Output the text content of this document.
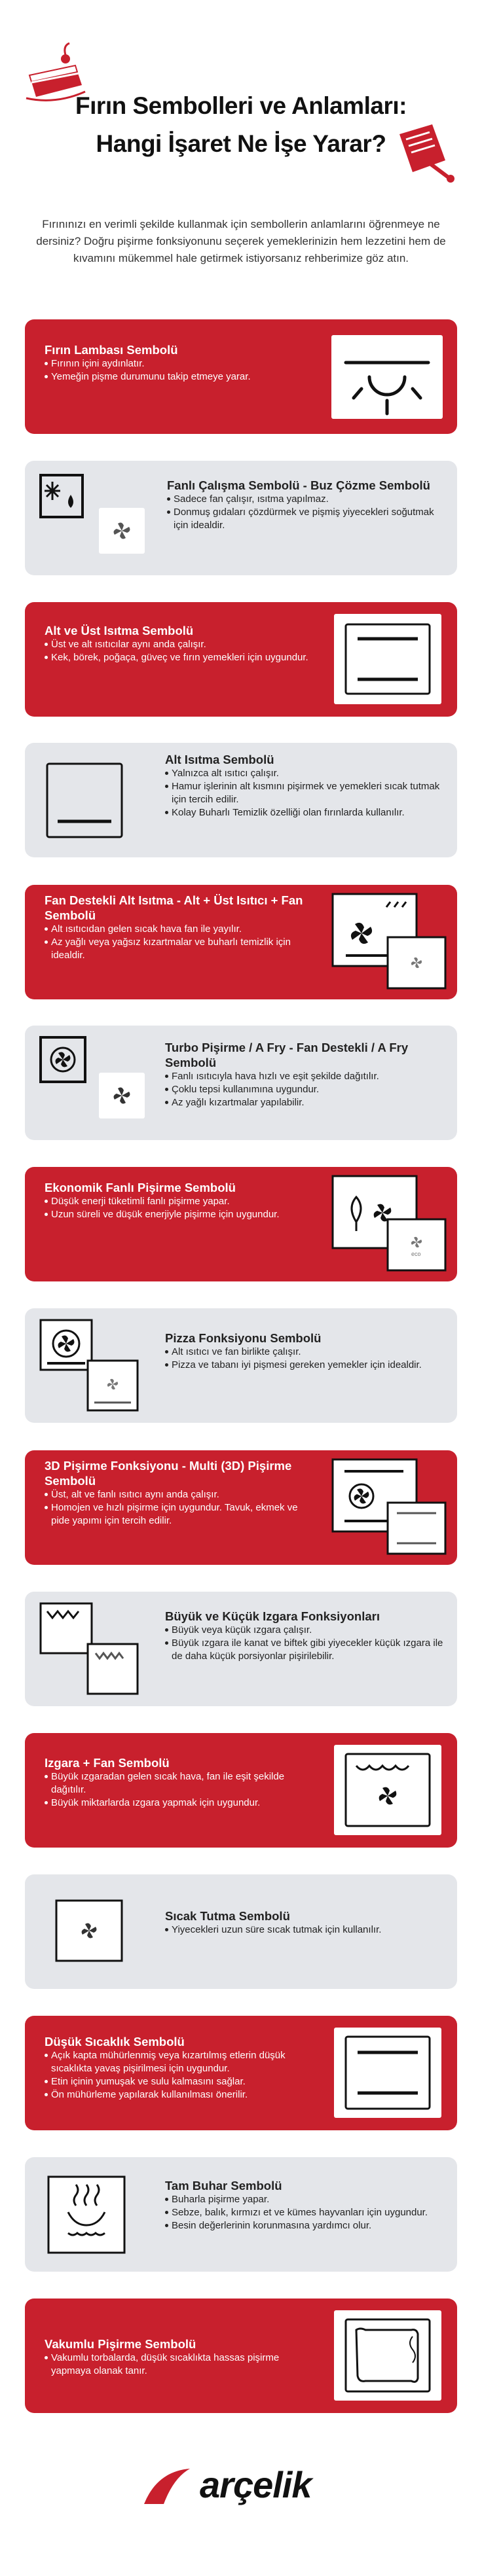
Fırın Sembolleri ve Anlamları:
Hangi İşaret Ne İşe Yarar?

Fırınınızı en verimli şekilde kullanmak için sembollerin anlamlarını öğrenmeye ne dersiniz? Doğru pişirme fonksiyonunu seçerek yemeklerinizin hem lezzetini hem de kıvamını mükemmel hale getirmek istiyorsanız rehberimize göz atın.

Fırın Lambası Sembolü
Fırının içini aydınlatır.
Yemeğin pişme durumunu takip etmeye yarar.
Fanlı Çalışma Sembolü - Buz Çözme Sembolü
Sadece fan çalışır, ısıtma yapılmaz.
Donmuş gıdaları çözdürmek ve pişmiş yiyecekleri soğutmak için idealdir.
Alt ve Üst Isıtma Sembolü
Üst ve alt ısıtıcılar aynı anda çalışır.
Kek, börek, poğaça, güveç ve fırın yemekleri için uygundur.
Alt Isıtma Sembolü
Yalnızca alt ısıtıcı çalışır.
Hamur işlerinin alt kısmını pişirmek ve yemekleri sıcak tutmak için tercih edilir.
Kolay Buharlı Temizlik özelliği olan fırınlarda kullanılır.
Fan Destekli Alt Isıtma - Alt + Üst Isıtıcı + Fan Sembolü
Alt ısıtıcıdan gelen sıcak hava fan ile yayılır.
Az yağlı veya yağsız kızartmalar ve buharlı temizlik için idealdir.
Turbo Pişirme / A Fry - Fan Destekli / A Fry Sembolü
Fanlı ısıtıcıyla hava hızlı ve eşit şekilde dağıtılır.
Çoklu tepsi kullanımına uygundur.
Az yağlı kızartmalar yapılabilir.
Ekonomik Fanlı Pişirme Sembolü
Düşük enerji tüketimli fanlı pişirme yapar.
Uzun süreli ve düşük enerjiyle pişirme için uygundur.
eco
Pizza Fonksiyonu Sembolü
Alt ısıtıcı ve fan birlikte çalışır.
Pizza ve tabanı iyi pişmesi gereken yemekler için idealdir.
3D Pişirme Fonksiyonu - Multi (3D) Pişirme Sembolü
Üst, alt ve fanlı ısıtıcı aynı anda çalışır.
Homojen ve hızlı pişirme için uygundur. Tavuk, ekmek ve pide yapımı için tercih edilir.
Büyük ve Küçük Izgara Fonksiyonları
Büyük veya küçük ızgara çalışır.
Büyük ızgara ile kanat ve biftek gibi yiyecekler küçük ızgara ile de daha küçük porsiyonlar pişirilebilir.
Izgara + Fan Sembolü
Büyük ızgaradan gelen sıcak hava, fan ile eşit şekilde dağıtılır.
Büyük miktarlarda ızgara yapmak için uygundur.
Sıcak Tutma Sembolü
Yiyecekleri uzun süre sıcak tutmak için kullanılır.
Düşük Sıcaklık Sembolü
Açık kapta mühürlenmiş veya kızartılmış etlerin düşük sıcaklıkta yavaş pişirilmesi için uygundur.
Etin içinin yumuşak ve sulu kalmasını sağlar.
Ön mühürleme yapılarak kullanılması önerilir.
Tam Buhar Sembolü
Buharla pişirme yapar.
Sebze, balık, kırmızı et ve kümes hayvanları için uygundur.
Besin değerlerinin korunmasına yardımcı olur.
Vakumlu Pişirme Sembolü
Vakumlu torbalarda, düşük sıcaklıkta hassas pişirme yapmaya olanak tanır.
arçelik
